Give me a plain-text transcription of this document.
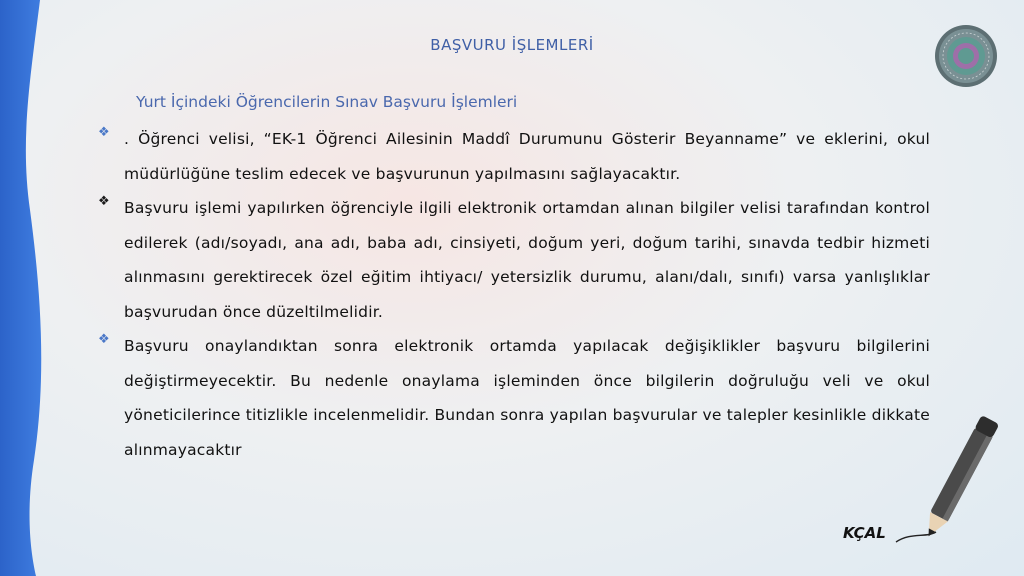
BAŞVURU İŞLEMLERİ
Yurt İçindeki Öğrencilerin Sınav Başvuru İşlemleri
❖ . Öğrenci velisi, “EK-1 Öğrenci Ailesinin Maddî Durumunu Gösterir Beyanname” ve eklerini, okul müdürlüğüne teslim edecek ve başvurunun yapılmasını sağlayacaktır.
❖ Başvuru işlemi yapılırken öğrenciyle ilgili elektronik ortamdan alınan bilgiler velisi tarafından kontrol edilerek (adı/soyadı, ana adı, baba adı, cinsiyeti, doğum yeri, doğum tarihi, sınavda tedbir hizmeti alınmasını gerektirecek özel eğitim ihtiyacı/ yetersizlik durumu, alanı/dalı, sınıfı) varsa yanlışlıklar başvurudan önce düzeltilmelidir.
❖ Başvuru onaylandıktan sonra elektronik ortamda yapılacak değişiklikler başvuru bilgilerini değiştirmeyecektir. Bu nedenle onaylama işleminden önce bilgilerin doğruluğu veli ve okul yöneticilerince titizlikle incelenmelidir. Bundan sonra yapılan başvurular ve talepler kesinlikle dikkate alınmayacaktır
KÇAL
